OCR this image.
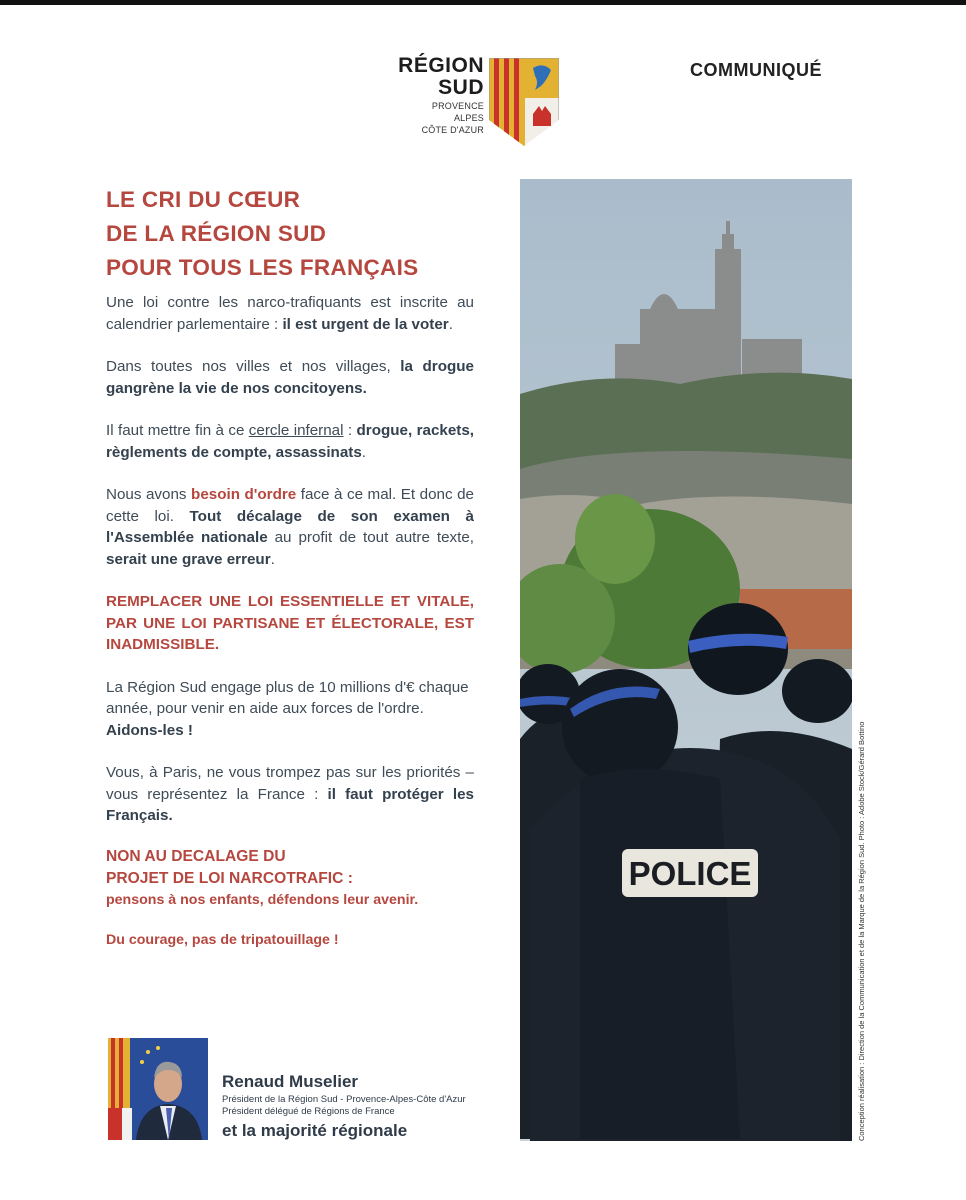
RÉGION
SUD
PROVENCE
ALPES
CÔTE D'AZUR
COMMUNIQUÉ
LE CRI DU CŒUR
DE LA RÉGION SUD
POUR TOUS LES FRANÇAIS

Une loi contre les narco-trafiquants est inscrite au calendrier parlementaire : il est urgent de la voter.

Dans toutes nos villes et nos villages, la drogue gangrène la vie de nos concitoyens.

Il faut mettre fin à ce cercle infernal : drogue, rackets, règlements de compte, assassinats.

Nous avons besoin d'ordre face à ce mal. Et donc de cette loi. Tout décalage de son examen à l'Assemblée nationale au profit de tout autre texte, serait une grave erreur.

REMPLACER UNE LOI ESSENTIELLE ET VITALE, PAR UNE LOI PARTISANE ET ÉLECTORALE, EST INADMISSIBLE.

La Région Sud engage plus de 10 millions d'€ chaque année, pour venir en aide aux forces de l'ordre. Aidons-les !

Vous, à Paris, ne vous trompez pas sur les priorités – vous représentez la France : il faut protéger les Français.

NON AU DECALAGE DU
PROJET DE LOI NARCOTRAFIC :
pensons à nos enfants, défendons leur avenir.
Du courage, pas de tripatouillage !
Renaud Muselier
Président de la Région Sud - Provence-Alpes-Côte d'Azur
Président délégué de Régions de France
et la majorité régionale
POLICE	Conception réalisation : Direction de la Communication et de la Marque de la Région Sud. Photo : Adobe Stock/Gérard Bottino
